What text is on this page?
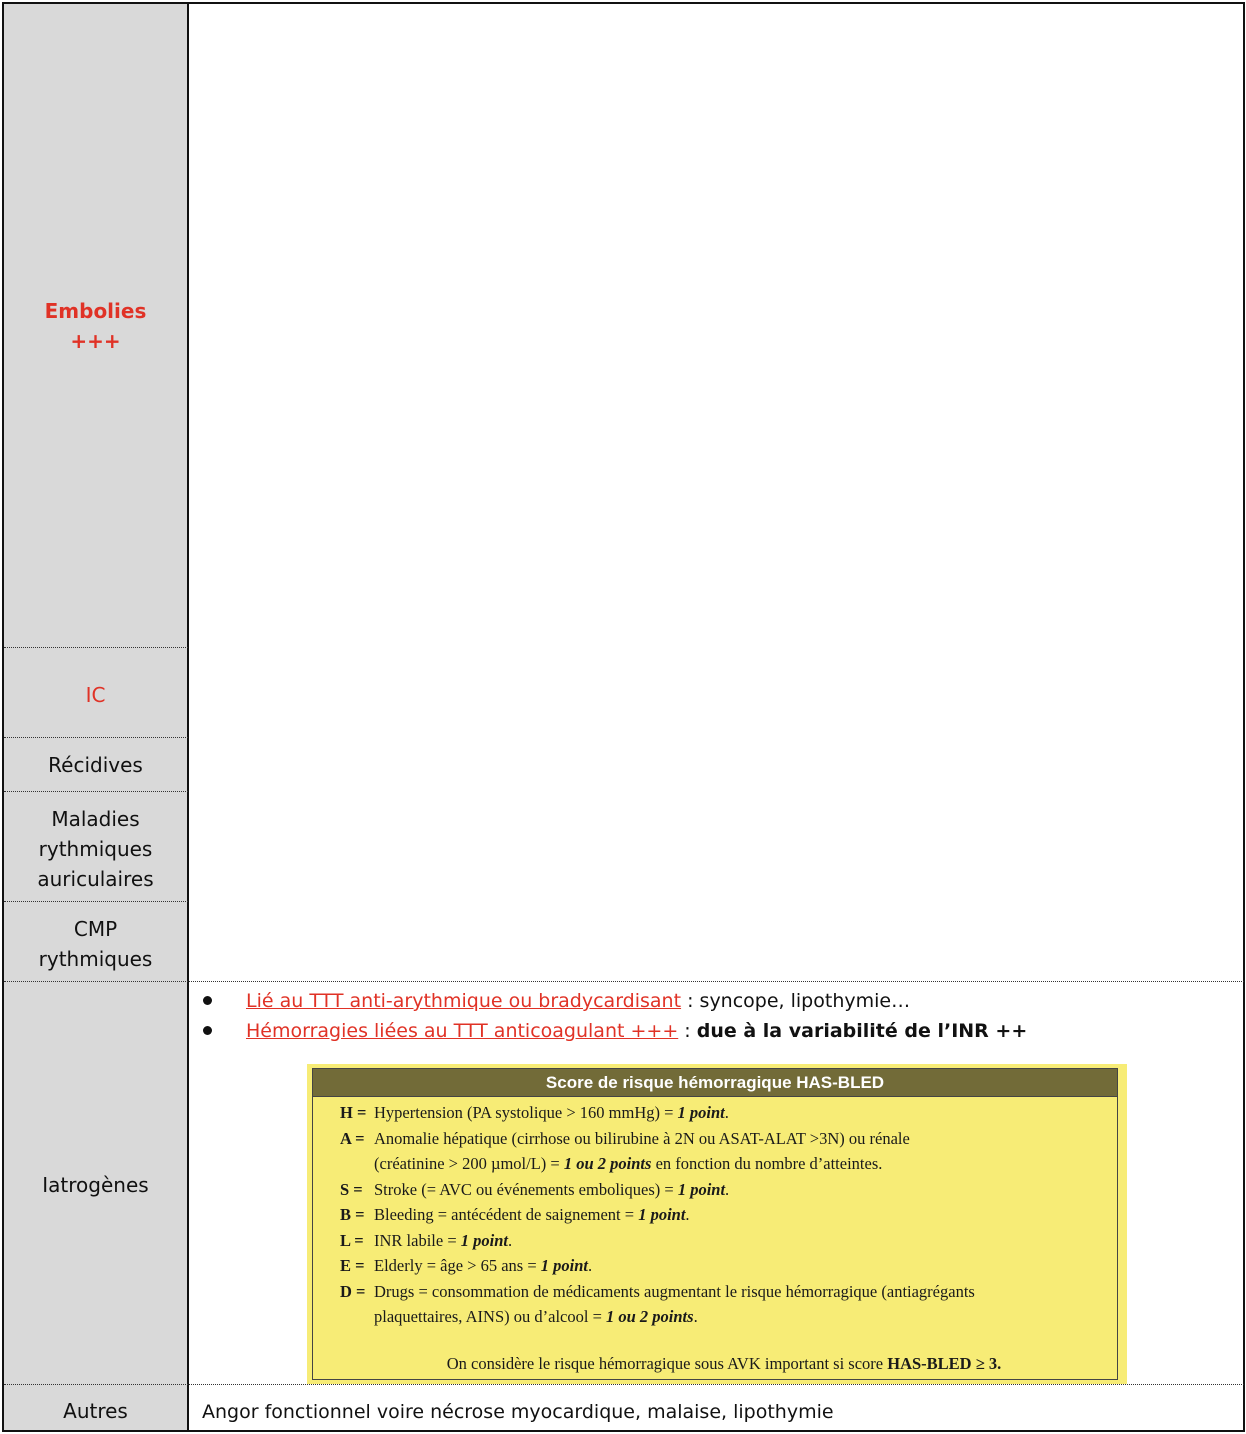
Embolies
+++
IC
Récidives
Maladies
rythmiques
auriculaires
CMP
rythmiques
Iatrogènes
Autres
Lié au TTT anti-arythmique ou bradycardisant : syncope, lipothymie…
Hémorragies liées au TTT anticoagulant +++ : due à la variabilité de l’INR ++
Score de risque hémorragique HAS-BLED
H = Hypertension (PA systolique > 160 mmHg) = 1 point.
A = Anomalie hépatique (cirrhose ou bilirubine à 2N ou ASAT-ALAT >3N) ou rénale
(créatinine > 200 µmol/L) = 1 ou 2 points en fonction du nombre d’atteintes.
S = Stroke (= AVC ou événements emboliques) = 1 point.
B = Bleeding = antécédent de saignement = 1 point.
L = INR labile = 1 point.
E = Elderly = âge > 65 ans = 1 point.
D = Drugs = consommation de médicaments augmentant le risque hémorragique (antiagrégants
plaquettaires, AINS) ou d’alcool = 1 ou 2 points.
On considère le risque hémorragique sous AVK important si score HAS-BLED ≥ 3.
Angor fonctionnel voire nécrose myocardique, malaise, lipothymie
